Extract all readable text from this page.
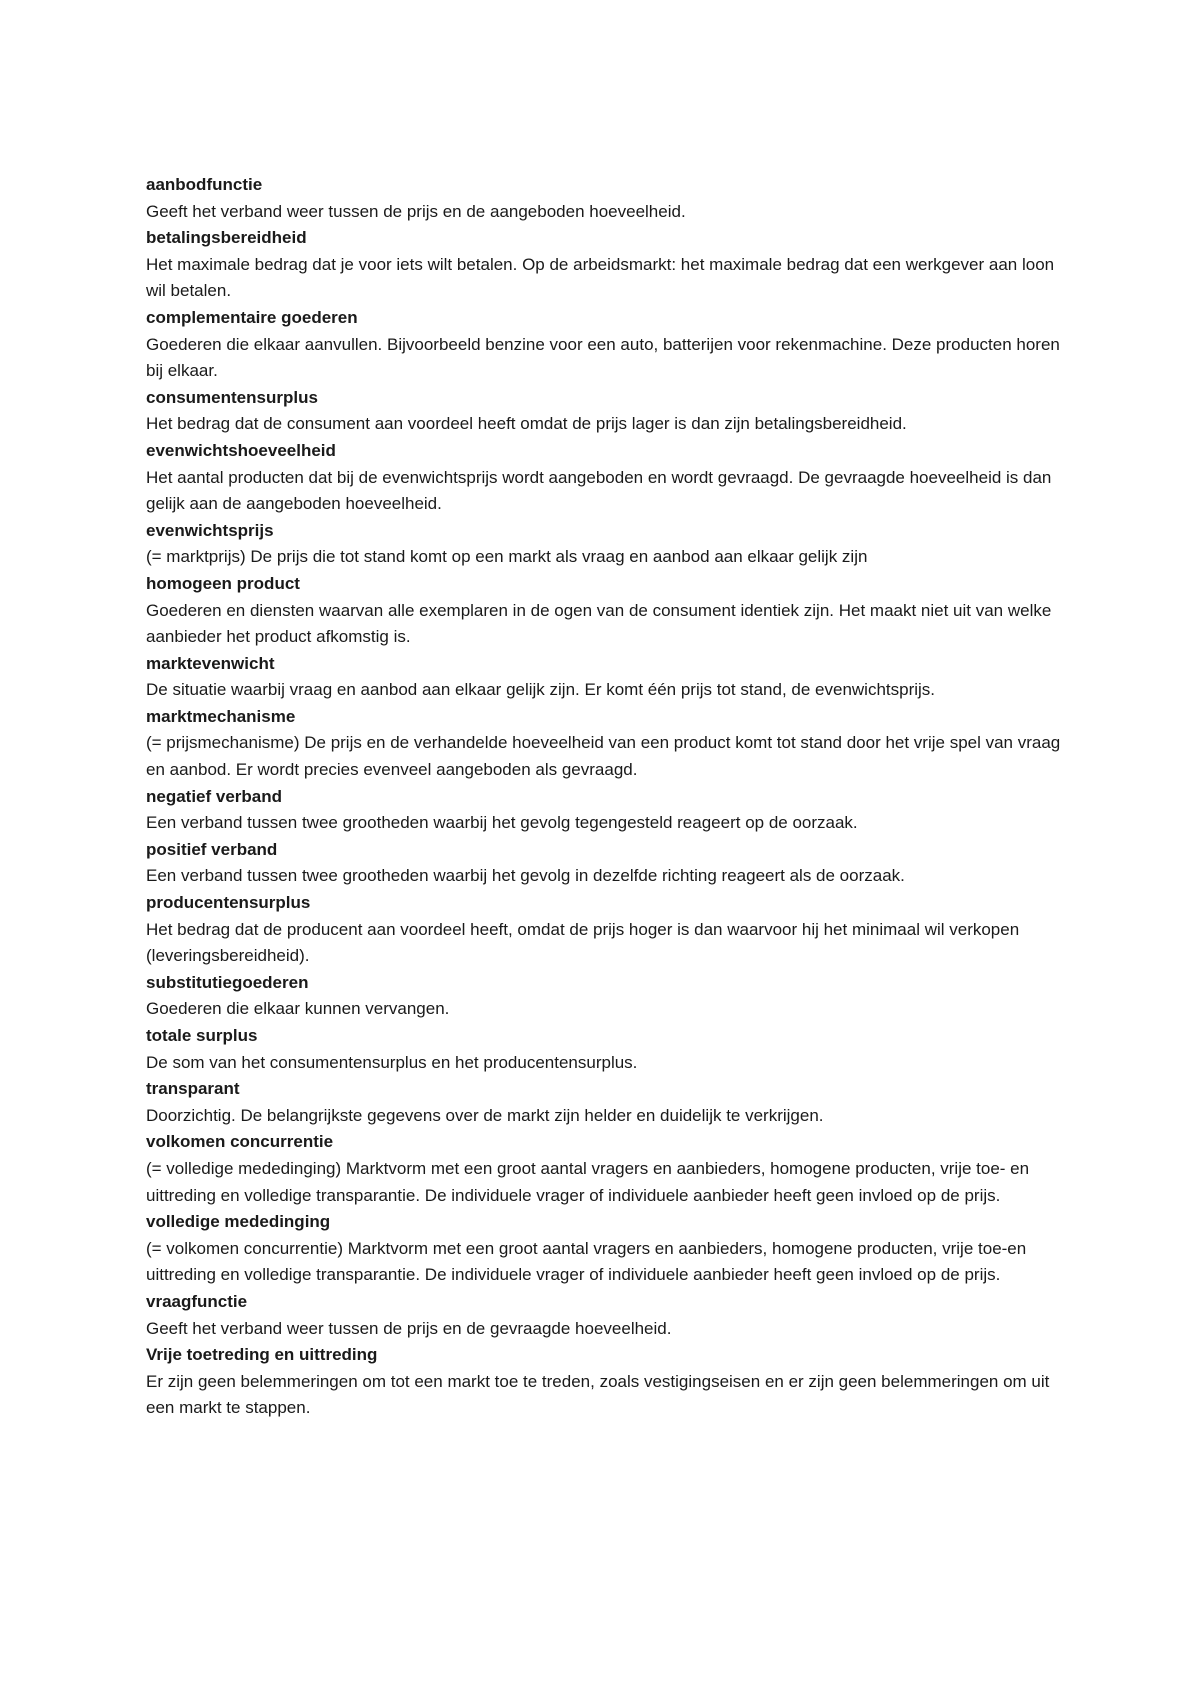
aanbodfunctie
Geeft het verband weer tussen de prijs en de aangeboden hoeveelheid.
betalingsbereidheid
Het maximale bedrag dat je voor iets wilt betalen. Op de arbeidsmarkt: het maximale bedrag dat een werkgever aan loon wil betalen.
complementaire goederen
Goederen die elkaar aanvullen. Bijvoorbeeld benzine voor een auto, batterijen voor rekenmachine. Deze producten horen bij elkaar.
consumentensurplus
Het bedrag dat de consument aan voordeel heeft omdat de prijs lager is dan zijn betalingsbereidheid.
evenwichtshoeveelheid
Het aantal producten dat bij de evenwichtsprijs wordt aangeboden en wordt gevraagd. De gevraagde hoeveelheid is dan gelijk aan de aangeboden hoeveelheid.
evenwichtsprijs
(= marktprijs) De prijs die tot stand komt op een markt als vraag en aanbod aan elkaar gelijk zijn
homogeen product
Goederen en diensten waarvan alle exemplaren in de ogen van de consument identiek zijn. Het maakt niet uit van welke aanbieder het product afkomstig is.
marktevenwicht
De situatie waarbij vraag en aanbod aan elkaar gelijk zijn. Er komt één prijs tot stand, de evenwichtsprijs.
marktmechanisme
(= prijsmechanisme) De prijs en de verhandelde hoeveelheid van een product komt tot stand door het vrije spel van vraag en aanbod. Er wordt precies evenveel aangeboden als gevraagd.
negatief verband
Een verband tussen twee grootheden waarbij het gevolg tegengesteld reageert op de oorzaak.
positief verband
Een verband tussen twee grootheden waarbij het gevolg in dezelfde richting reageert als de oorzaak.
producentensurplus
Het bedrag dat de producent aan voordeel heeft, omdat de prijs hoger is dan waarvoor hij het minimaal wil verkopen (leveringsbereidheid).
substitutiegoederen
Goederen die elkaar kunnen vervangen.
totale surplus
De som van het consumentensurplus en het producentensurplus.
transparant
Doorzichtig. De belangrijkste gegevens over de markt zijn helder en duidelijk te verkrijgen.
volkomen concurrentie
(= volledige mededinging) Marktvorm met een groot aantal vragers en aanbieders, homogene producten, vrije toe- en uittreding en volledige transparantie. De individuele vrager of individuele aanbieder heeft geen invloed op de prijs.
volledige mededinging
(= volkomen concurrentie) Marktvorm met een groot aantal vragers en aanbieders, homogene producten, vrije toe-en uittreding en volledige transparantie. De individuele vrager of individuele aanbieder heeft geen invloed op de prijs.
vraagfunctie
Geeft het verband weer tussen de prijs en de gevraagde hoeveelheid.
Vrije toetreding en uittreding
Er zijn geen belemmeringen om tot een markt toe te treden, zoals vestigingseisen en er zijn geen belemmeringen om uit een markt te stappen.
